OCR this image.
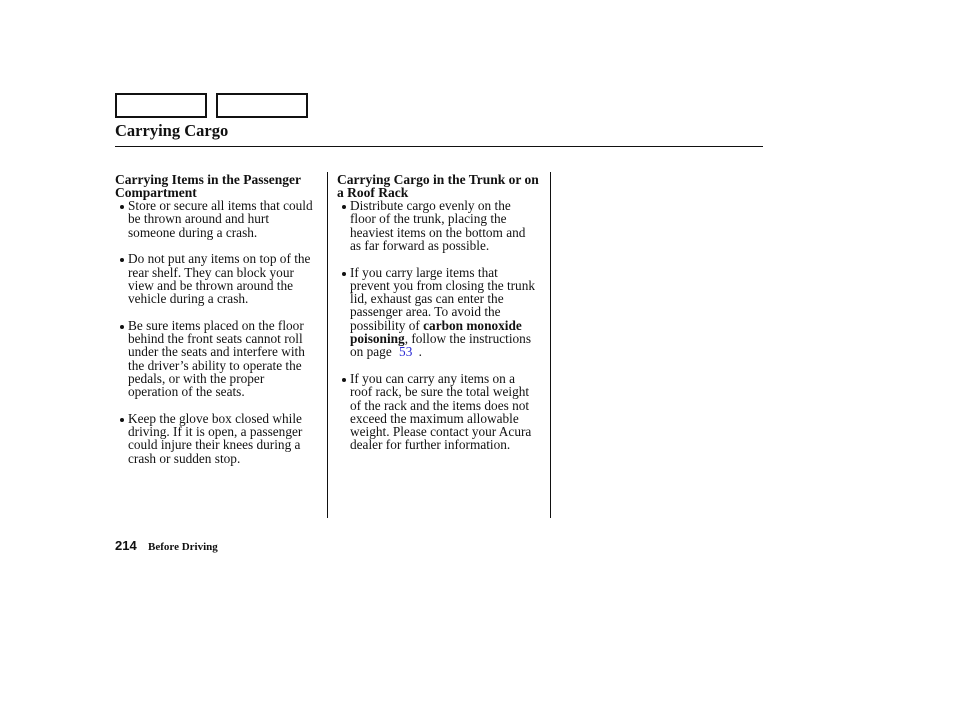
Carrying Cargo
Carrying Items in the Passenger
Compartment
Store or secure all items that could
be thrown around and hurt
someone during a crash.
Do not put any items on top of the
rear shelf. They can block your
view and be thrown around the
vehicle during a crash.
Be sure items placed on the floor
behind the front seats cannot roll
under the seats and interfere with
the driver’s ability to operate the
pedals, or with the proper
operation of the seats.
Keep the glove box closed while
driving. If it is open, a passenger
could injure their knees during a
crash or sudden stop.
Carrying Cargo in the Trunk or on
a Roof Rack
Distribute cargo evenly on the
floor of the trunk, placing the
heaviest items on the bottom and
as far forward as possible.
If you carry large items that
prevent you from closing the trunk
lid, exhaust gas can enter the
passenger area. To avoid the
possibility of carbon monoxide
poisoning, follow the instructions
on page 53 .
If you can carry any items on a
roof rack, be sure the total weight
of the rack and the items does not
exceed the maximum allowable
weight. Please contact your Acura
dealer for further information.
214 Before Driving
